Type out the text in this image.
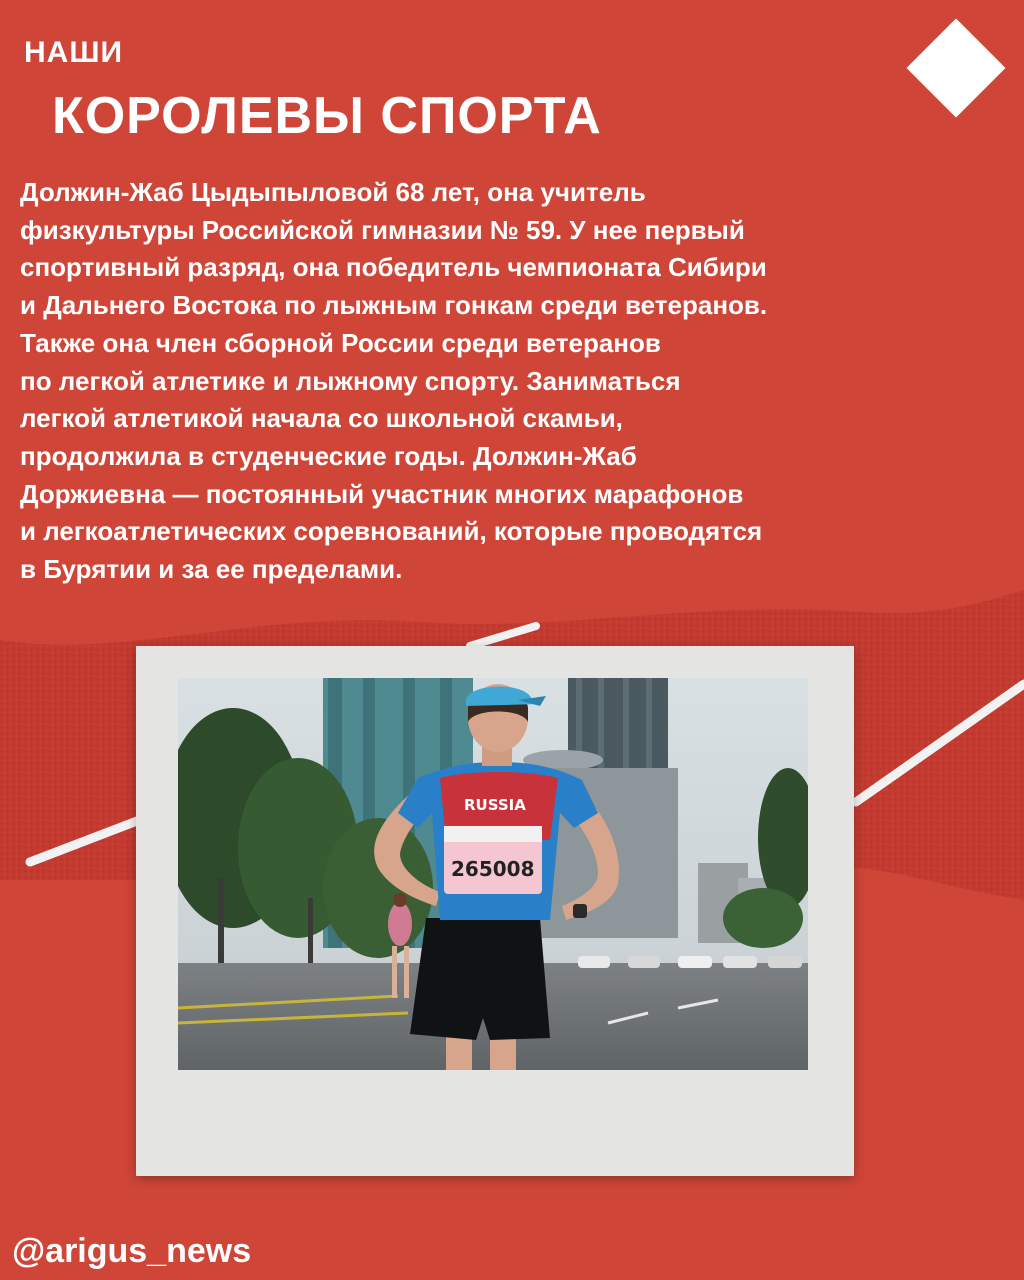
НАШИ
КОРОЛЕВЫ СПОРТА
Должин-Жаб Цыдыпыловой 68 лет, она учитель
физкультуры Российской гимназии № 59. У нее первый
спортивный разряд, она победитель чемпионата Сибири
и Дальнего Востока по лыжным гонкам среди ветеранов.
Также она член сборной России среди ветеранов
по легкой атлетике и лыжному спорту. Заниматься
легкой атлетикой начала со школьной скамьи,
продолжила в студенческие годы. Должин-Жаб
Доржиевна — постоянный участник многих марафонов
и легкоатлетических соревнований, которые проводятся
в Бурятии и за ее пределами.
RUSSIA
265008
@arigus_news
